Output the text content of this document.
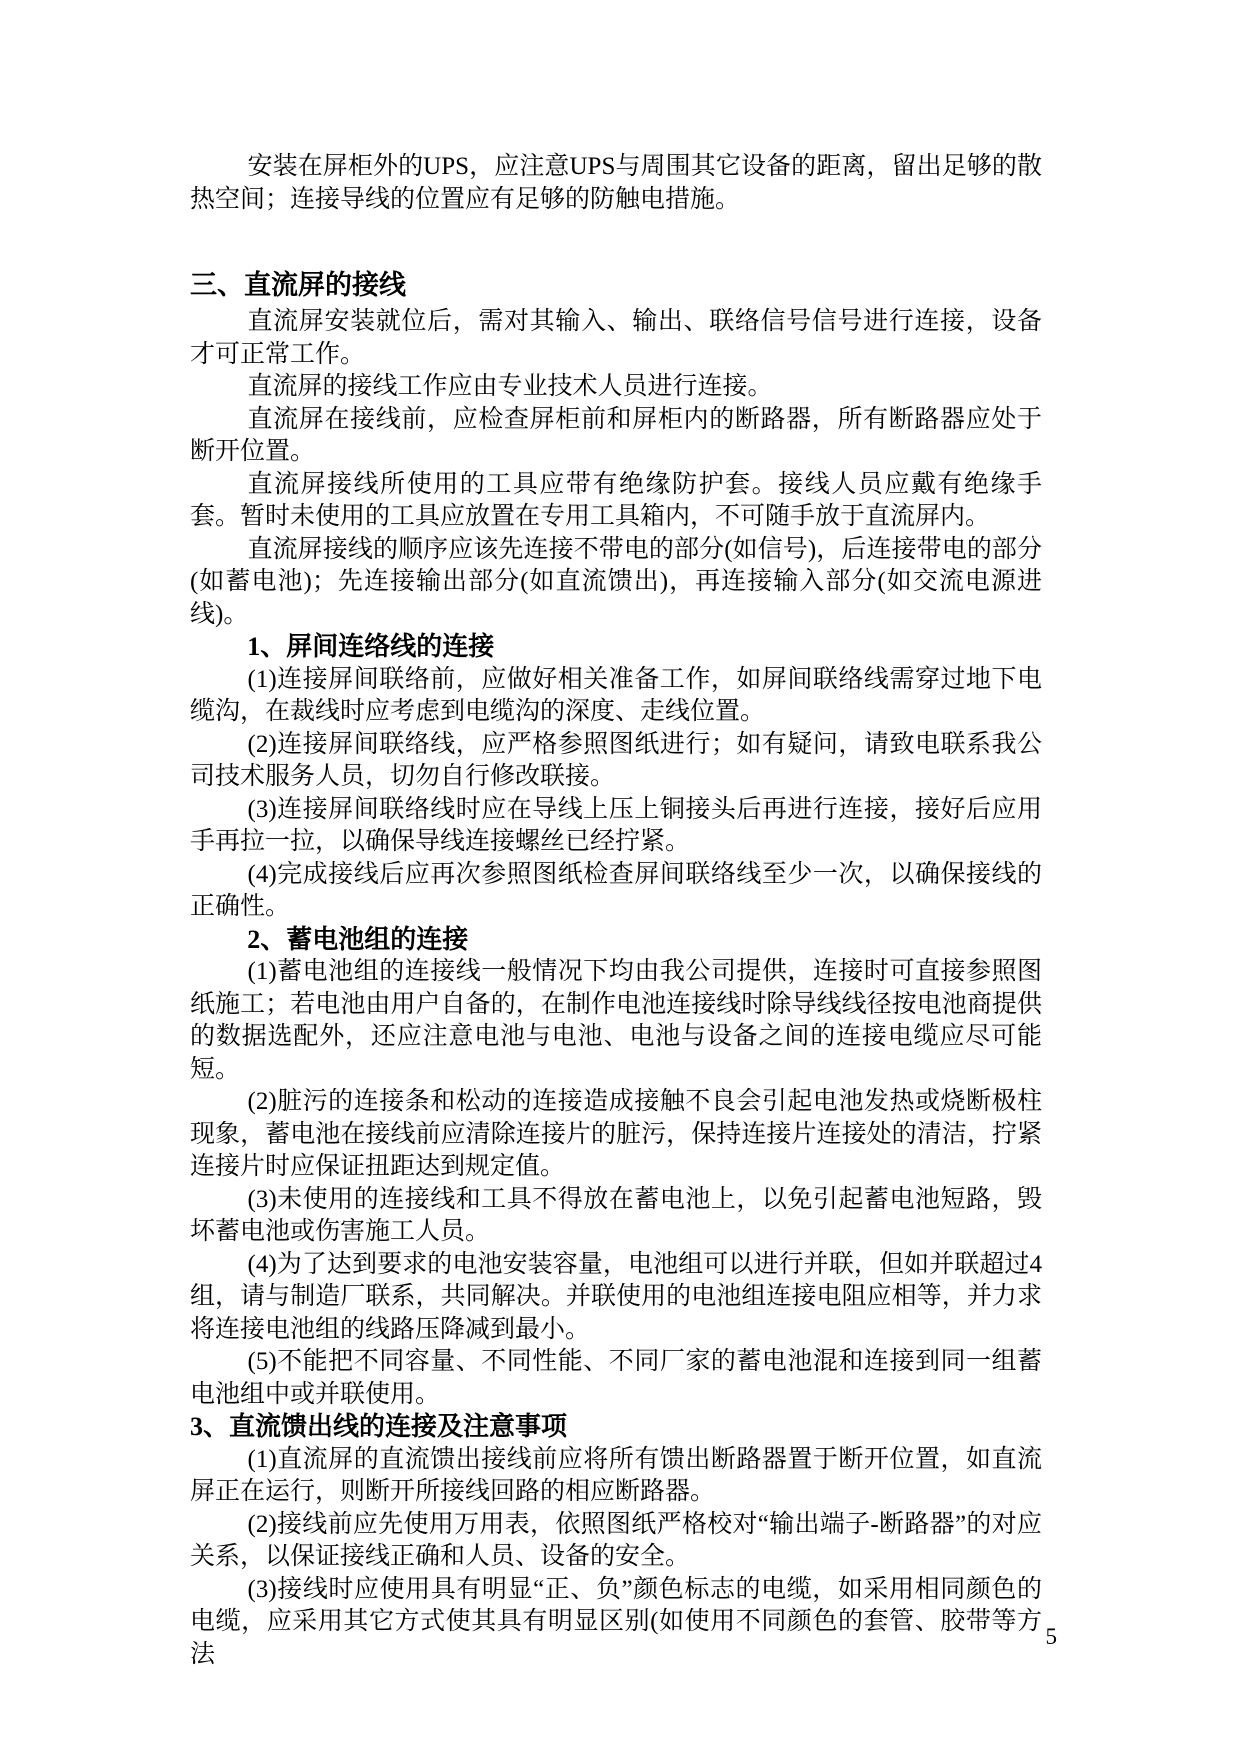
安装在屏柜外的UPS，应注意UPS与周围其它设备的距离，留出足够的散热空间；连接导线的位置应有足够的防触电措施。

三、直流屏的接线

直流屏安装就位后，需对其输入、输出、联络信号信号进行连接，设备才可正常工作。

直流屏的接线工作应由专业技术人员进行连接。

直流屏在接线前，应检查屏柜前和屏柜内的断路器，所有断路器应处于断开位置。

直流屏接线所使用的工具应带有绝缘防护套。接线人员应戴有绝缘手套。暂时未使用的工具应放置在专用工具箱内，不可随手放于直流屏内。

直流屏接线的顺序应该先连接不带电的部分(如信号)，后连接带电的部分(如蓄电池)；先连接输出部分(如直流馈出)，再连接输入部分(如交流电源进线)。

1、屏间连络线的连接

(1)连接屏间联络前，应做好相关准备工作，如屏间联络线需穿过地下电缆沟，在裁线时应考虑到电缆沟的深度、走线位置。

(2)连接屏间联络线，应严格参照图纸进行；如有疑问，请致电联系我公司技术服务人员，切勿自行修改联接。

(3)连接屏间联络线时应在导线上压上铜接头后再进行连接，接好后应用手再拉一拉，以确保导线连接螺丝已经拧紧。

(4)完成接线后应再次参照图纸检查屏间联络线至少一次，以确保接线的正确性。

2、蓄电池组的连接

(1)蓄电池组的连接线一般情况下均由我公司提供，连接时可直接参照图纸施工；若电池由用户自备的，在制作电池连接线时除导线线径按电池商提供的数据选配外，还应注意电池与电池、电池与设备之间的连接电缆应尽可能短。

(2)脏污的连接条和松动的连接造成接触不良会引起电池发热或烧断极柱现象，蓄电池在接线前应清除连接片的脏污，保持连接片连接处的清洁，拧紧连接片时应保证扭距达到规定值。

(3)未使用的连接线和工具不得放在蓄电池上，以免引起蓄电池短路，毁坏蓄电池或伤害施工人员。

(4)为了达到要求的电池安装容量，电池组可以进行并联，但如并联超过4组，请与制造厂联系，共同解决。并联使用的电池组连接电阻应相等，并力求将连接电池组的线路压降减到最小。

(5)不能把不同容量、不同性能、不同厂家的蓄电池混和连接到同一组蓄电池组中或并联使用。

3、直流馈出线的连接及注意事项

(1)直流屏的直流馈出接线前应将所有馈出断路器置于断开位置，如直流屏正在运行，则断开所接线回路的相应断路器。

(2)接线前应先使用万用表，依照图纸严格校对“输出端子-断路器”的对应关系，以保证接线正确和人员、设备的安全。

(3)接线时应使用具有明显“正、负”颜色标志的电缆，如采用相同颜色的电缆，应采用其它方式使其具有明显区别(如使用不同颜色的套管、胶带等方法

5
